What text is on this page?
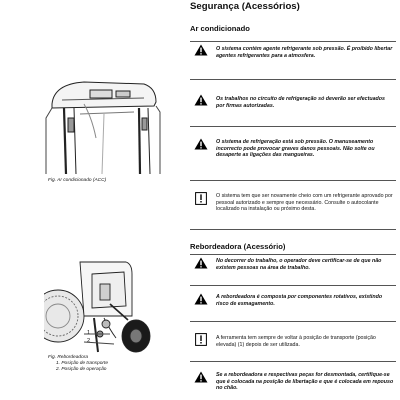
Segurança (Acessórios)
Ar condicionado
O sistema contém agente refrigerante sob pressão. É proibido libertar agentes refrigerantes para a atmosfera.
Os trabalhos no circuito de refrigeração só deverão ser efectuados por firmas autorizadas.
O sistema de refrigeração está sob pressão. O manuseamento incorrecto pode provocar graves danos pessoais. Não solte ou desaperte as ligações das mangueiras.
O sistema tem que ser novamente cheio com um refrigerante aprovado por pessoal autorizado e sempre que necessário. Consulte o autocolante localizado na instalação ou próximo desta.
Fig. Ar condicionado (ACC)
Rebordeadora (Acessório)
No decorrer do trabalho, o operador deve certificar-se de que não existem pessoas na área de trabalho.
A rebordeadora é composta por componentes rotativos, existindo risco de esmagamento.
A ferramenta tem sempre de voltar à posição de transporte (posição elevada) (1) depois de ser utilizada.
Se a rebordeadora e respectivas peças for desmontada, certifique-se que é colocada na posição de libertação e que é colocada em repouso no chão.
1
2
Fig. Rebordeadora
1. Posição de transporte
2. Posição de operação
